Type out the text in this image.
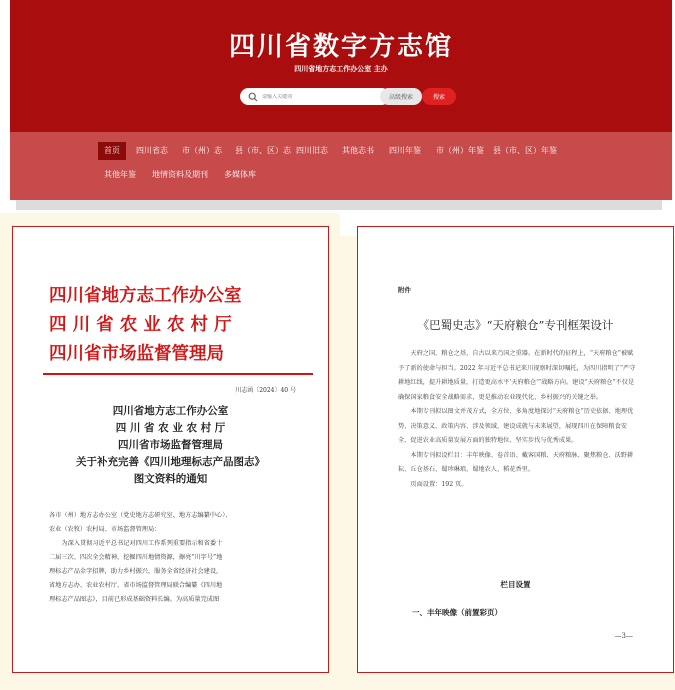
四川省数字方志馆
四川省地方志工作办公室 主办
请输入关键词
高级搜索	搜索
首页	四川省志	市（州）志	县（市、区）志 四川旧志	其他志书	四川年鉴	市（州）年鉴	县（市、区）年鉴
其他年鉴	地情资料及期刊	多媒体库
四川省地方志工作办公室
四 川 省 农 业 农 村 厅
四川省市场监督管理局
川志函〔2024〕40 号
四川省地方志工作办公室
四 川 省 农 业 农 村 厅
四川省市场监督管理局
关于补充完善《四川地理标志产品图志》
图文资料的通知

各市（州）地方志办公室（党史地方志研究室、地方志编纂中心）、

农业（农牧）农村局、市场监督管理局：

为深入贯彻习近平总书记对四川工作系列重要指示和省委十

二届三次、四次全会精神，挖掘四川地情资源，擦亮“川字号”地

理标志产品金字招牌，助力乡村振兴，服务全省经济社会建设，

省地方志办、农业农村厅、省市场监督管理局联合编纂《四川地

理标志产品图志》，目前已形成基础资料长编。为高质量完成图

附件
《巴蜀史志》“天府粮仓”专刊框架设计

天府之国，粮仓之基，自古以来乃国之重器。在新时代的征程上，“天府粮仓”被赋予了新的使命与担当。2022 年习近平总书记来川视察时深切嘱托，为四川指明了“严守耕地红线，提升耕地质量，打造更高水平‘天府粮仓’”战略方向。建设“天府粮仓”不仅是确保国家粮食安全战略需求，更是推动农业现代化、乡村振兴的关键之举。

本期专刊拟以图文并茂方式，全方位、多角度地探讨“天府粮仓”历史依据、地理优势、决策意义、政策内容、涉及领域、建设成就与未来展望，展现四川在保障粮食安全、促进农业高质量发展方面的独特地位、坚实步伐与优秀成果。

本期专刊拟设栏目：丰年映像、卷首语、戴客国粮、天府粮脉、聚焦粮仓、沃野耕耘、丘仓基石、蜀珍琳琅、蜀地农人、稻花香里。

页面设置：192 页。

栏目设置
一、丰年映像（前置彩页）
—3—
